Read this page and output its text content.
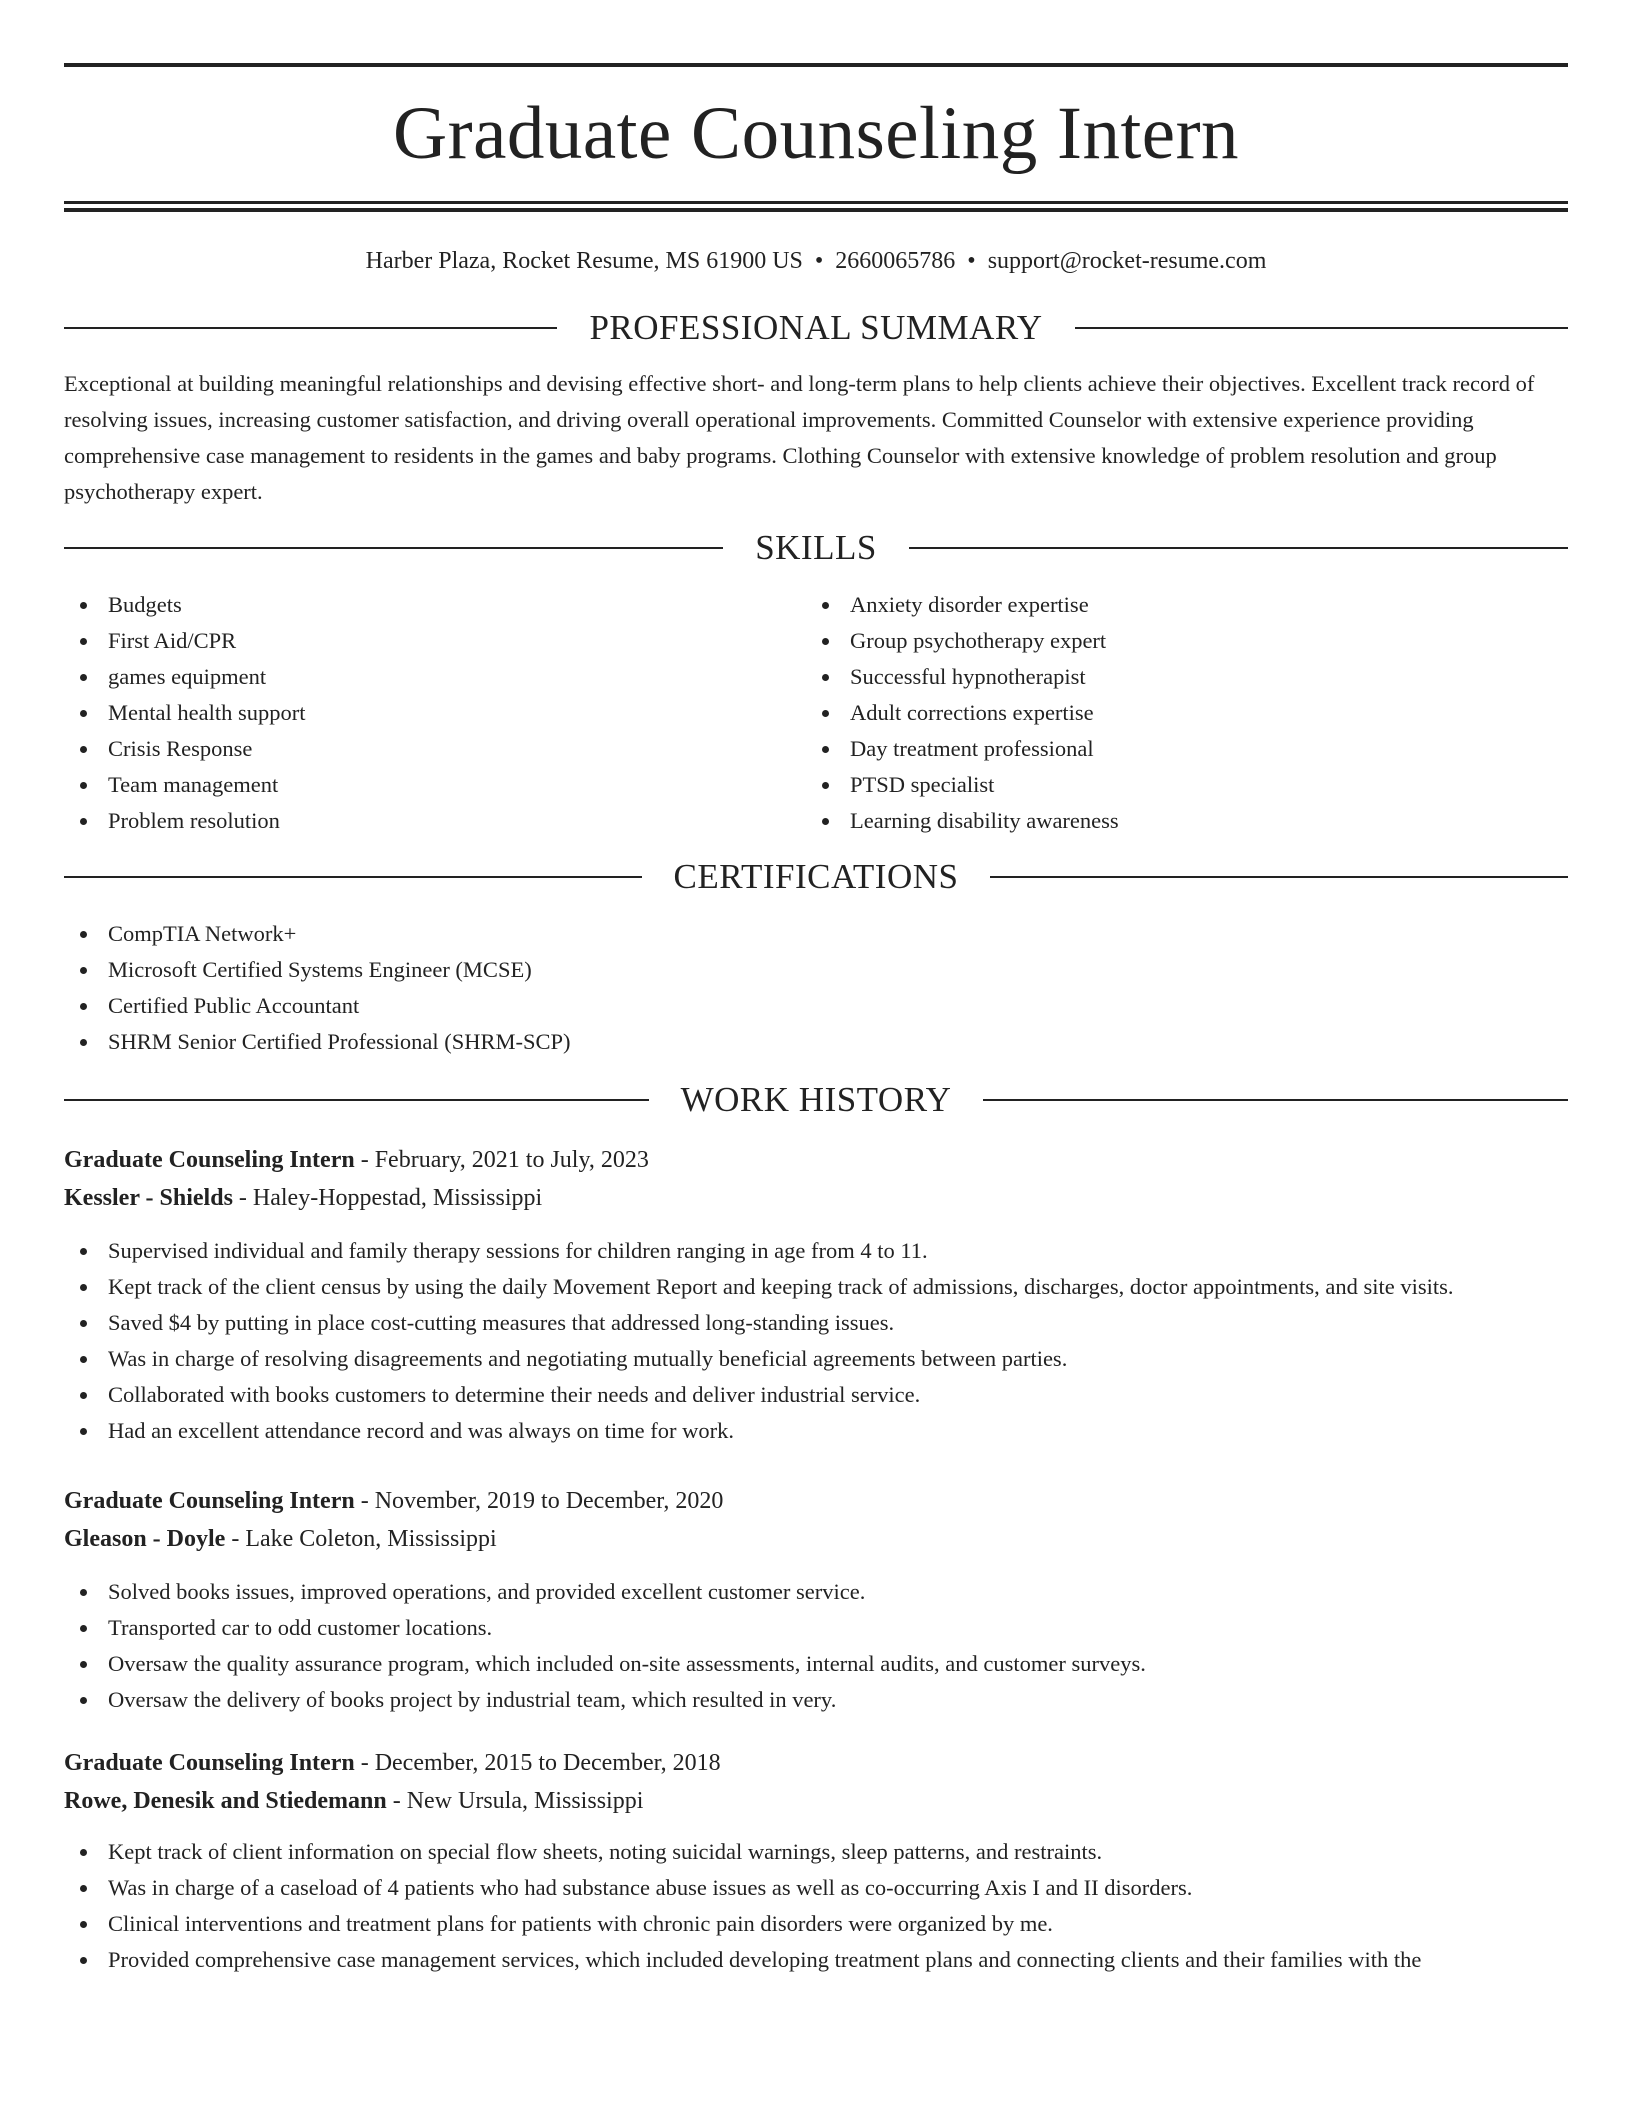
Graduate Counseling Intern
Harber Plaza, Rocket Resume, MS 61900 US • 2660065786 • support@rocket-resume.com
PROFESSIONAL SUMMARY

Exceptional at building meaningful relationships and devising effective short- and long-term plans to help clients achieve their objectives. Excellent track record of resolving issues, increasing customer satisfaction, and driving overall operational improvements. Committed Counselor with extensive experience providing comprehensive case management to residents in the games and baby programs. Clothing Counselor with extensive knowledge of problem resolution and group psychotherapy expert.

SKILLS
Budgets
First Aid/CPR
games equipment
Mental health support
Crisis Response
Team management
Problem resolution
Anxiety disorder expertise
Group psychotherapy expert
Successful hypnotherapist
Adult corrections expertise
Day treatment professional
PTSD specialist
Learning disability awareness
CERTIFICATIONS
CompTIA Network+
Microsoft Certified Systems Engineer (MCSE)
Certified Public Accountant
SHRM Senior Certified Professional (SHRM-SCP)
WORK HISTORY
Graduate Counseling Intern - February, 2021 to July, 2023
Kessler - Shields - Haley-Hoppestad, Mississippi
Supervised individual and family therapy sessions for children ranging in age from 4 to 11.
Kept track of the client census by using the daily Movement Report and keeping track of admissions, discharges, doctor appointments, and site visits.
Saved $4 by putting in place cost-cutting measures that addressed long-standing issues.
Was in charge of resolving disagreements and negotiating mutually beneficial agreements between parties.
Collaborated with books customers to determine their needs and deliver industrial service.
Had an excellent attendance record and was always on time for work.
Graduate Counseling Intern - November, 2019 to December, 2020
Gleason - Doyle - Lake Coleton, Mississippi
Solved books issues, improved operations, and provided excellent customer service.
Transported car to odd customer locations.
Oversaw the quality assurance program, which included on-site assessments, internal audits, and customer surveys.
Oversaw the delivery of books project by industrial team, which resulted in very.
Graduate Counseling Intern - December, 2015 to December, 2018
Rowe, Denesik and Stiedemann - New Ursula, Mississippi
Kept track of client information on special flow sheets, noting suicidal warnings, sleep patterns, and restraints.
Was in charge of a caseload of 4 patients who had substance abuse issues as well as co-occurring Axis I and II disorders.
Clinical interventions and treatment plans for patients with chronic pain disorders were organized by me.
Provided comprehensive case management services, which included developing treatment plans and connecting clients and their families with the
